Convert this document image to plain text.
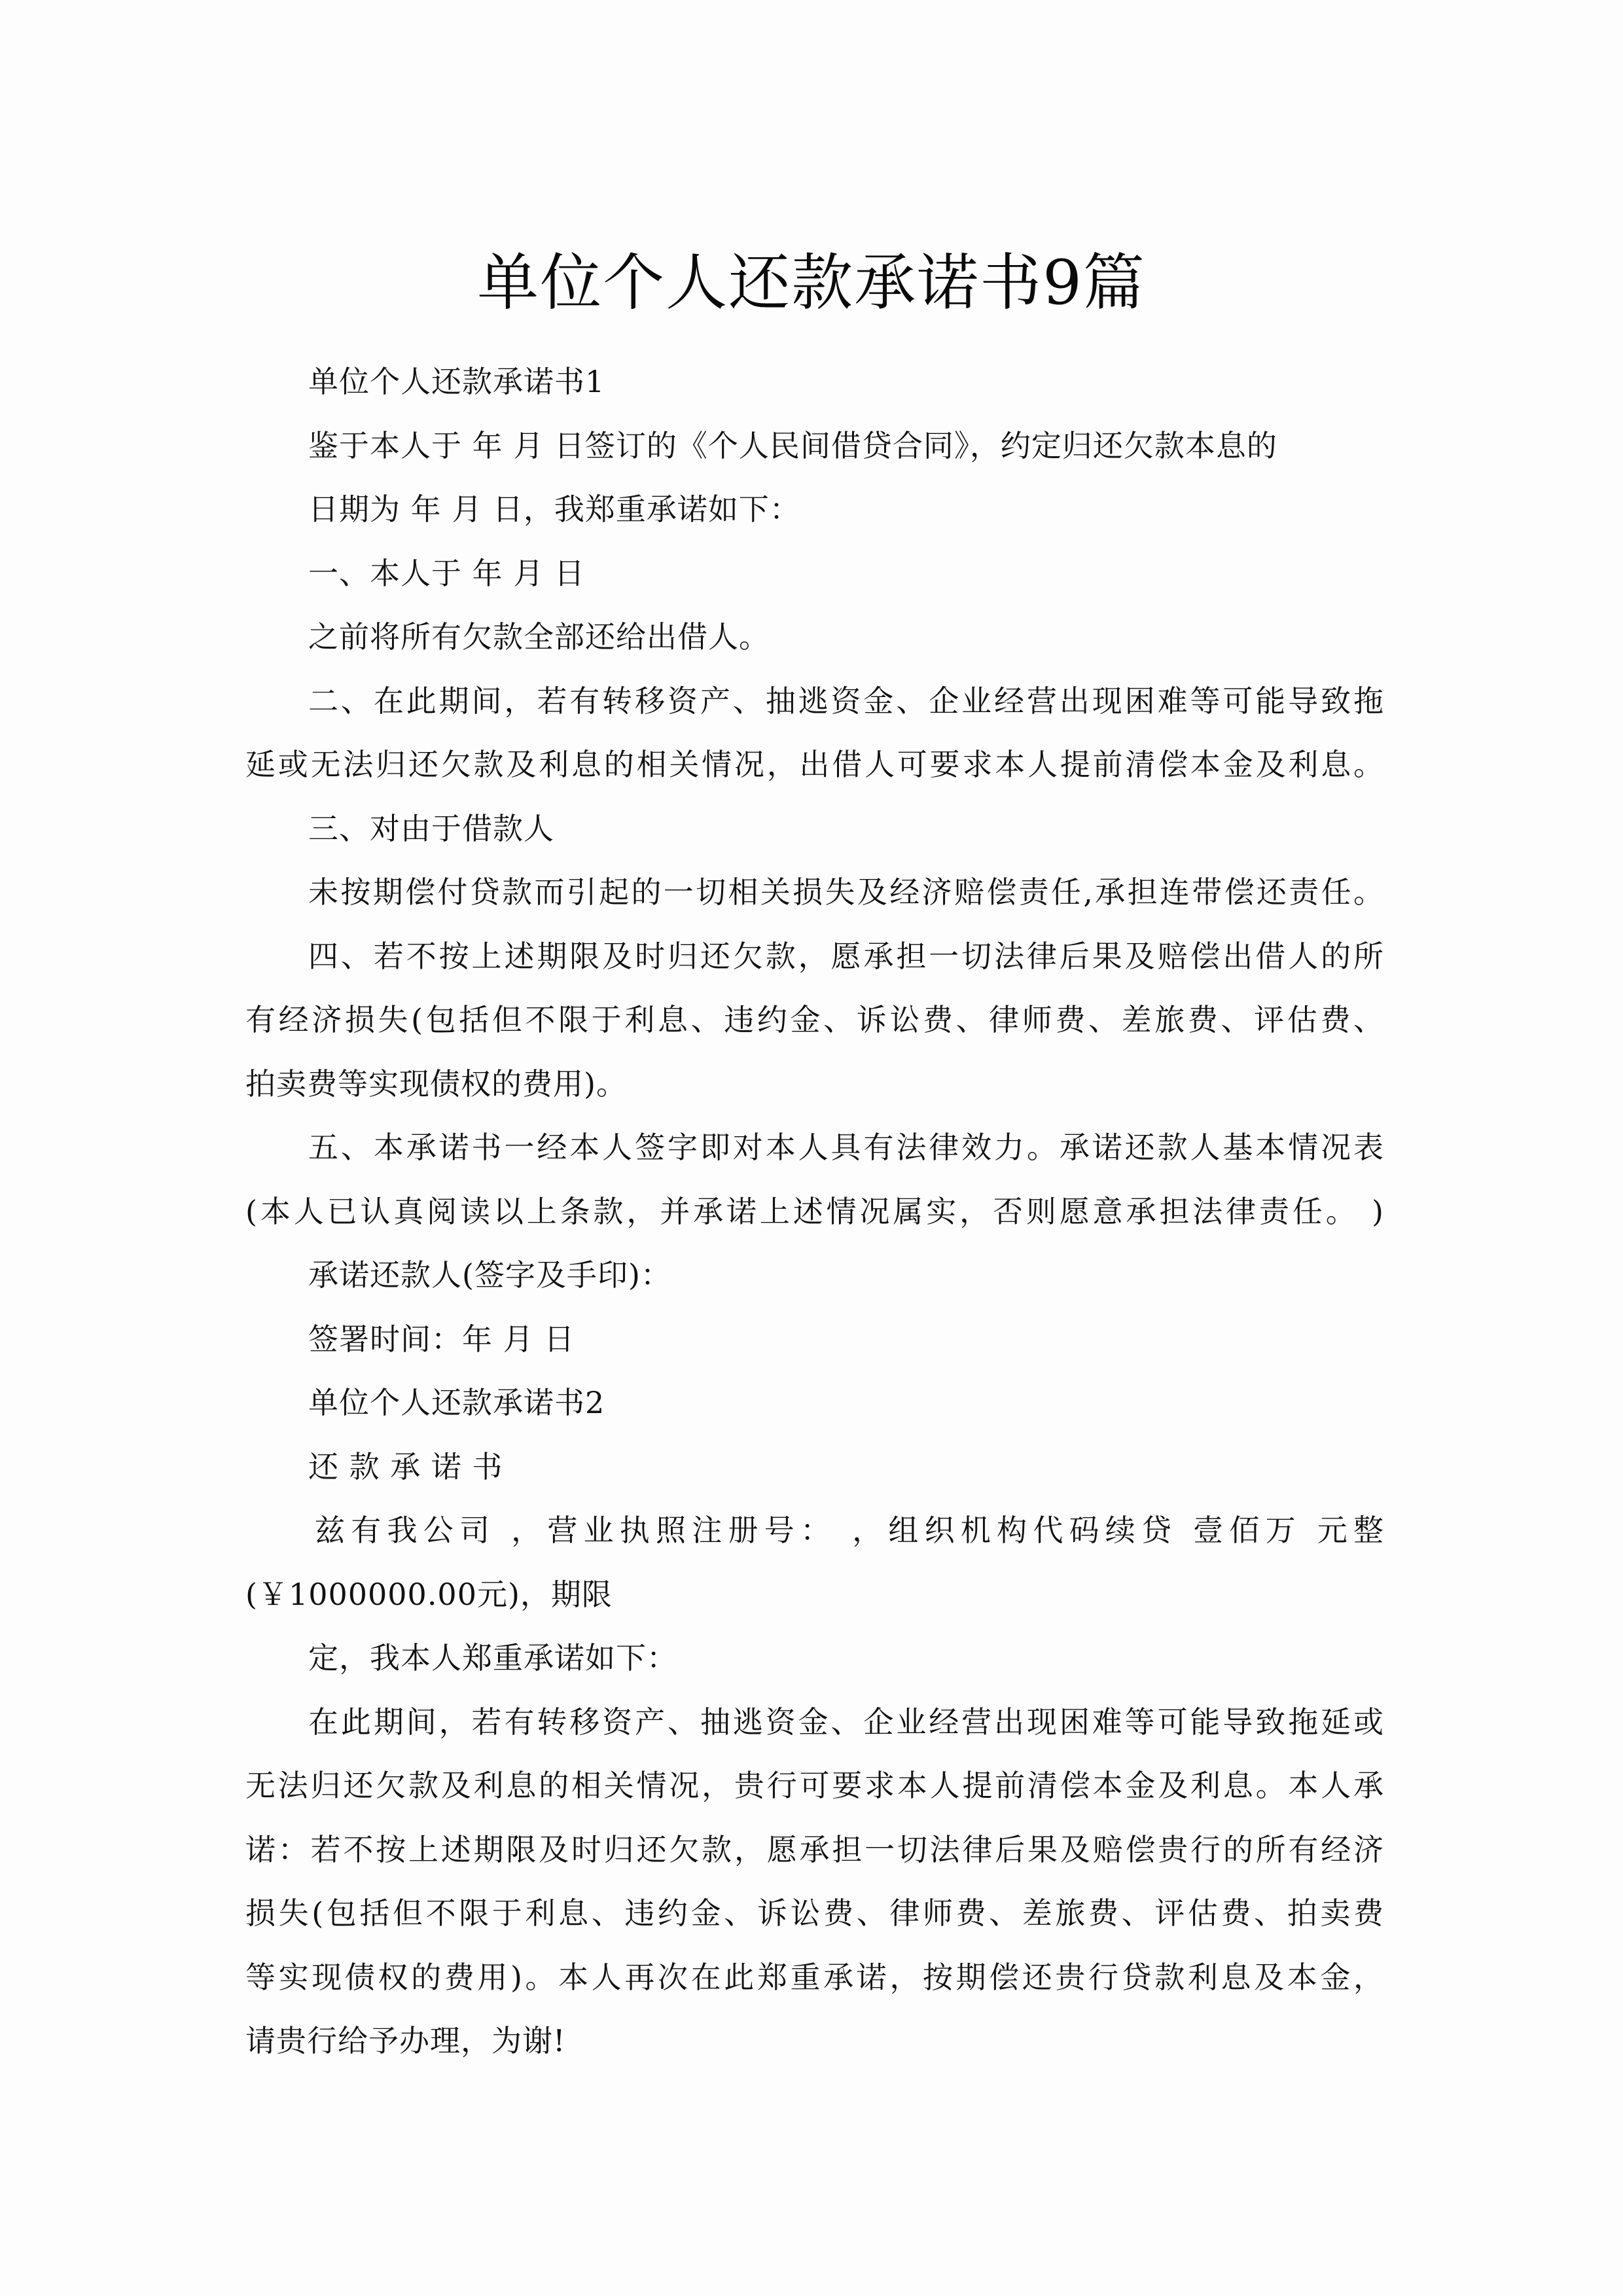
单位个人还款承诺书9篇
单位个人还款承诺书1
鉴于本人于 年 月 日签订的《个人民间借贷合同》，约定归还欠款本息的
日期为 年 月 日，我郑重承诺如下：
一、本人于 年 月 日
之前将所有欠款全部还给出借人。
二、在此期间，若有转移资产、抽逃资金、企业经营出现困难等可能导致拖
延或无法归还欠款及利息的相关情况，出借人可要求本人提前清偿本金及利息。
三、对由于借款人
未按期偿付贷款而引起的一切相关损失及经济赔偿责任,承担连带偿还责任。
四、若不按上述期限及时归还欠款，愿承担一切法律后果及赔偿出借人的所
有经济损失(包括但不限于利息、违约金、诉讼费、律师费、差旅费、评估费、
拍卖费等实现债权的费用)。
五、本承诺书一经本人签字即对本人具有法律效力。承诺还款人基本情况表
(本人已认真阅读以上条款，并承诺上述情况属实，否则愿意承担法律责任。 )
承诺还款人(签字及手印)：
签署时间：年 月 日
单位个人还款承诺书2
还 款 承 诺 书
兹有我公司 ，营业执照注册号： ，组织机构代码续贷 壹佰万 元整
(￥1000000.00元)，期限
定，我本人郑重承诺如下：
在此期间，若有转移资产、抽逃资金、企业经营出现困难等可能导致拖延或
无法归还欠款及利息的相关情况，贵行可要求本人提前清偿本金及利息。本人承
诺：若不按上述期限及时归还欠款，愿承担一切法律后果及赔偿贵行的所有经济
损失(包括但不限于利息、违约金、诉讼费、律师费、差旅费、评估费、拍卖费
等实现债权的费用)。本人再次在此郑重承诺，按期偿还贵行贷款利息及本金，
请贵行给予办理，为谢!
